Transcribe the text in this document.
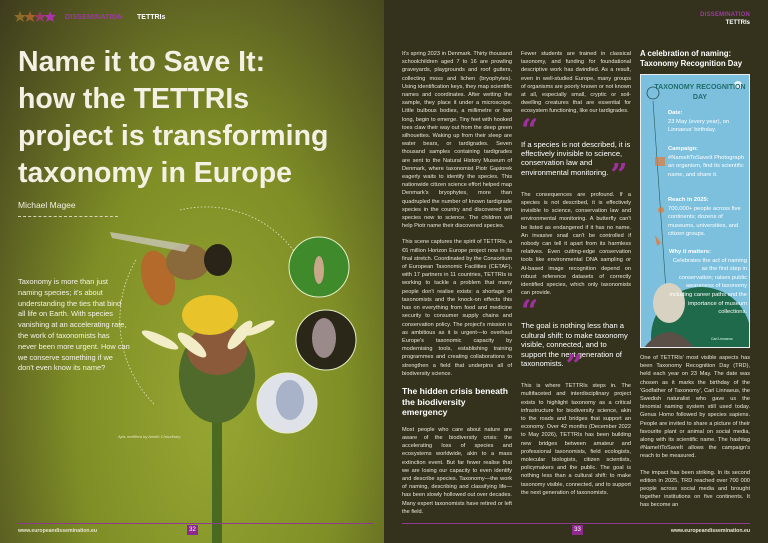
DISSEMINATION TETTRIs
Name it to Save It:
how the TETTRIs
project is transforming
taxonomy in Europe
Michael Magee
Taxonomy is more than just naming species; it's about understanding the ties that bind all life on Earth. With species vanishing at an accelerating rate, the work of taxonomists has never been more urgent. How can we conserve something if we don't even know its name?
Apis mellifera by Anirith Choudhary
www.europeandissemination.eu	32
DISSEMINATION
TETTRIs

It's spring 2023 in Denmark. Thirty thousand schoolchildren aged 7 to 16 are prowling graveyards, playgrounds and roof gutters, collecting moss and lichen (bryophytes). Using identification keys, they map scientific names and coordinates. After wetting the sample, they place it under a microscope. Little bulbous bodies, a millimetre or two long, begin to emerge. Tiny feet with hooked toes claw their way out from the deep green silhouettes. Waking up from their sleep are water bears, or tardigrades. Seven thousand samples containing tardigrades are sent to the Natural History Museum of Denmark, where taxonomist Piotr Gąsiorek eagerly waits to identify the species. This nationwide citizen science effort helped map Denmark's bryophytes, more than quadrupled the number of known tardigrade species in the country and discovered ten species new to science. The children will help Piotr name their discovered species.

This scene captures the spirit of TETTRIs, a €6 million Horizon Europe project now in its final stretch. Coordinated by the Consortium of European Taxonomic Facilities (CETAF), with 17 partners in 11 countries, TETTRIs is working to tackle a problem that many people don't realise exists: a shortage of taxonomists and the knock-on effects this has on everything from food and medicine security to consumer supply chains and conservation policy. The project's mission is as ambitious as it is urgent—to overhaul Europe's taxonomic capacity by modernising tools, establishing training programmes and creating collaborations to strengthen a field that underpins all of biodiversity science.

The hidden crisis beneath the biodiversity emergency

Most people who care about nature are aware of the biodiversity crisis: the accelerating loss of species and ecosystems worldwide, akin to a mass extinction event. But far fewer realise that we are losing our capacity to even identify and describe species. Taxonomy—the work of naming, describing and classifying life—has been slowly hollowed out over decades. Many expert taxonomists have retired or left the field.

Fewer students are trained in classical taxonomy, and funding for foundational descriptive work has dwindled. As a result, even in well-studied Europe, many groups of organisms are poorly known or not known at all, especially small, cryptic or soil-dwelling creatures that are essential for ecosystem functioning, like our tardigrades.

“
If a species is not described, it is effectively invisible to science, conservation law and environmental monitoring.”

The consequences are profound. If a species is not described, it is effectively invisible to science, conservation law and environmental monitoring. A butterfly can't be listed as endangered if it has no name. An invasive snail can't be controlled if nobody can tell it apart from its harmless relatives. Even cutting-edge conservation tools like environmental DNA sampling or AI-based image recognition depend on robust reference datasets of correctly identified species, which only taxonomists can provide.

“
The goal is nothing less than a cultural shift: to make taxonomy visible, connected, and to support the next generation of taxonomists.”

This is where TETTRIs steps in. The multifaceted and interdisciplinary project exists to highlight taxonomy as a critical infrastructure for biodiversity science, akin to the roads and bridges that support an economy. Over 42 months (December 2022 to May 2026), TETTRIs has been building new bridges between amateur and professional taxonomists, field ecologists, molecular biologists, citizen scientists, policymakers and the public. The goal is nothing less than a cultural shift: to make taxonomy visible, connected, and to support the next generation of taxonomists.

A celebration of naming: Taxonomy Recognition Day
TAXONOMY RECOGNITION DAY
Date:
23 May (every year), on Linnaeus' birthday.
Campaign:
#NameItToSaveIt Photograph an organism, find its scientific name, and share it.
Reach in 2025:
700,000+ people across five continents; dozens of museums, universities, and citizen groups.
Why it matters:
Celebrates the act of naming as the first step in conservation; raises public awareness of taxonomy including career paths and the importance of museum collections.
Carl Linnaeus

One of TETTRIs' most visible aspects has been Taxonomy Recognition Day (TRD), held each year on 23 May. The date was chosen as it marks the birthday of the 'Godfather of Taxonomy', Carl Linnaeus, the Swedish naturalist who gave us the binomial naming system still used today. Genus Homo followed by species sapiens. People are invited to share a picture of their favourite plant or animal on social media, along with its scientific name. The hashtag #NameItToSaveIt allows the campaign's reach to be measured.

The impact has been striking. In its second edition in 2025, TRD reached over 700 000 people across social media and brought together institutions on five continents. It has become an

33	www.europeandissemination.eu
